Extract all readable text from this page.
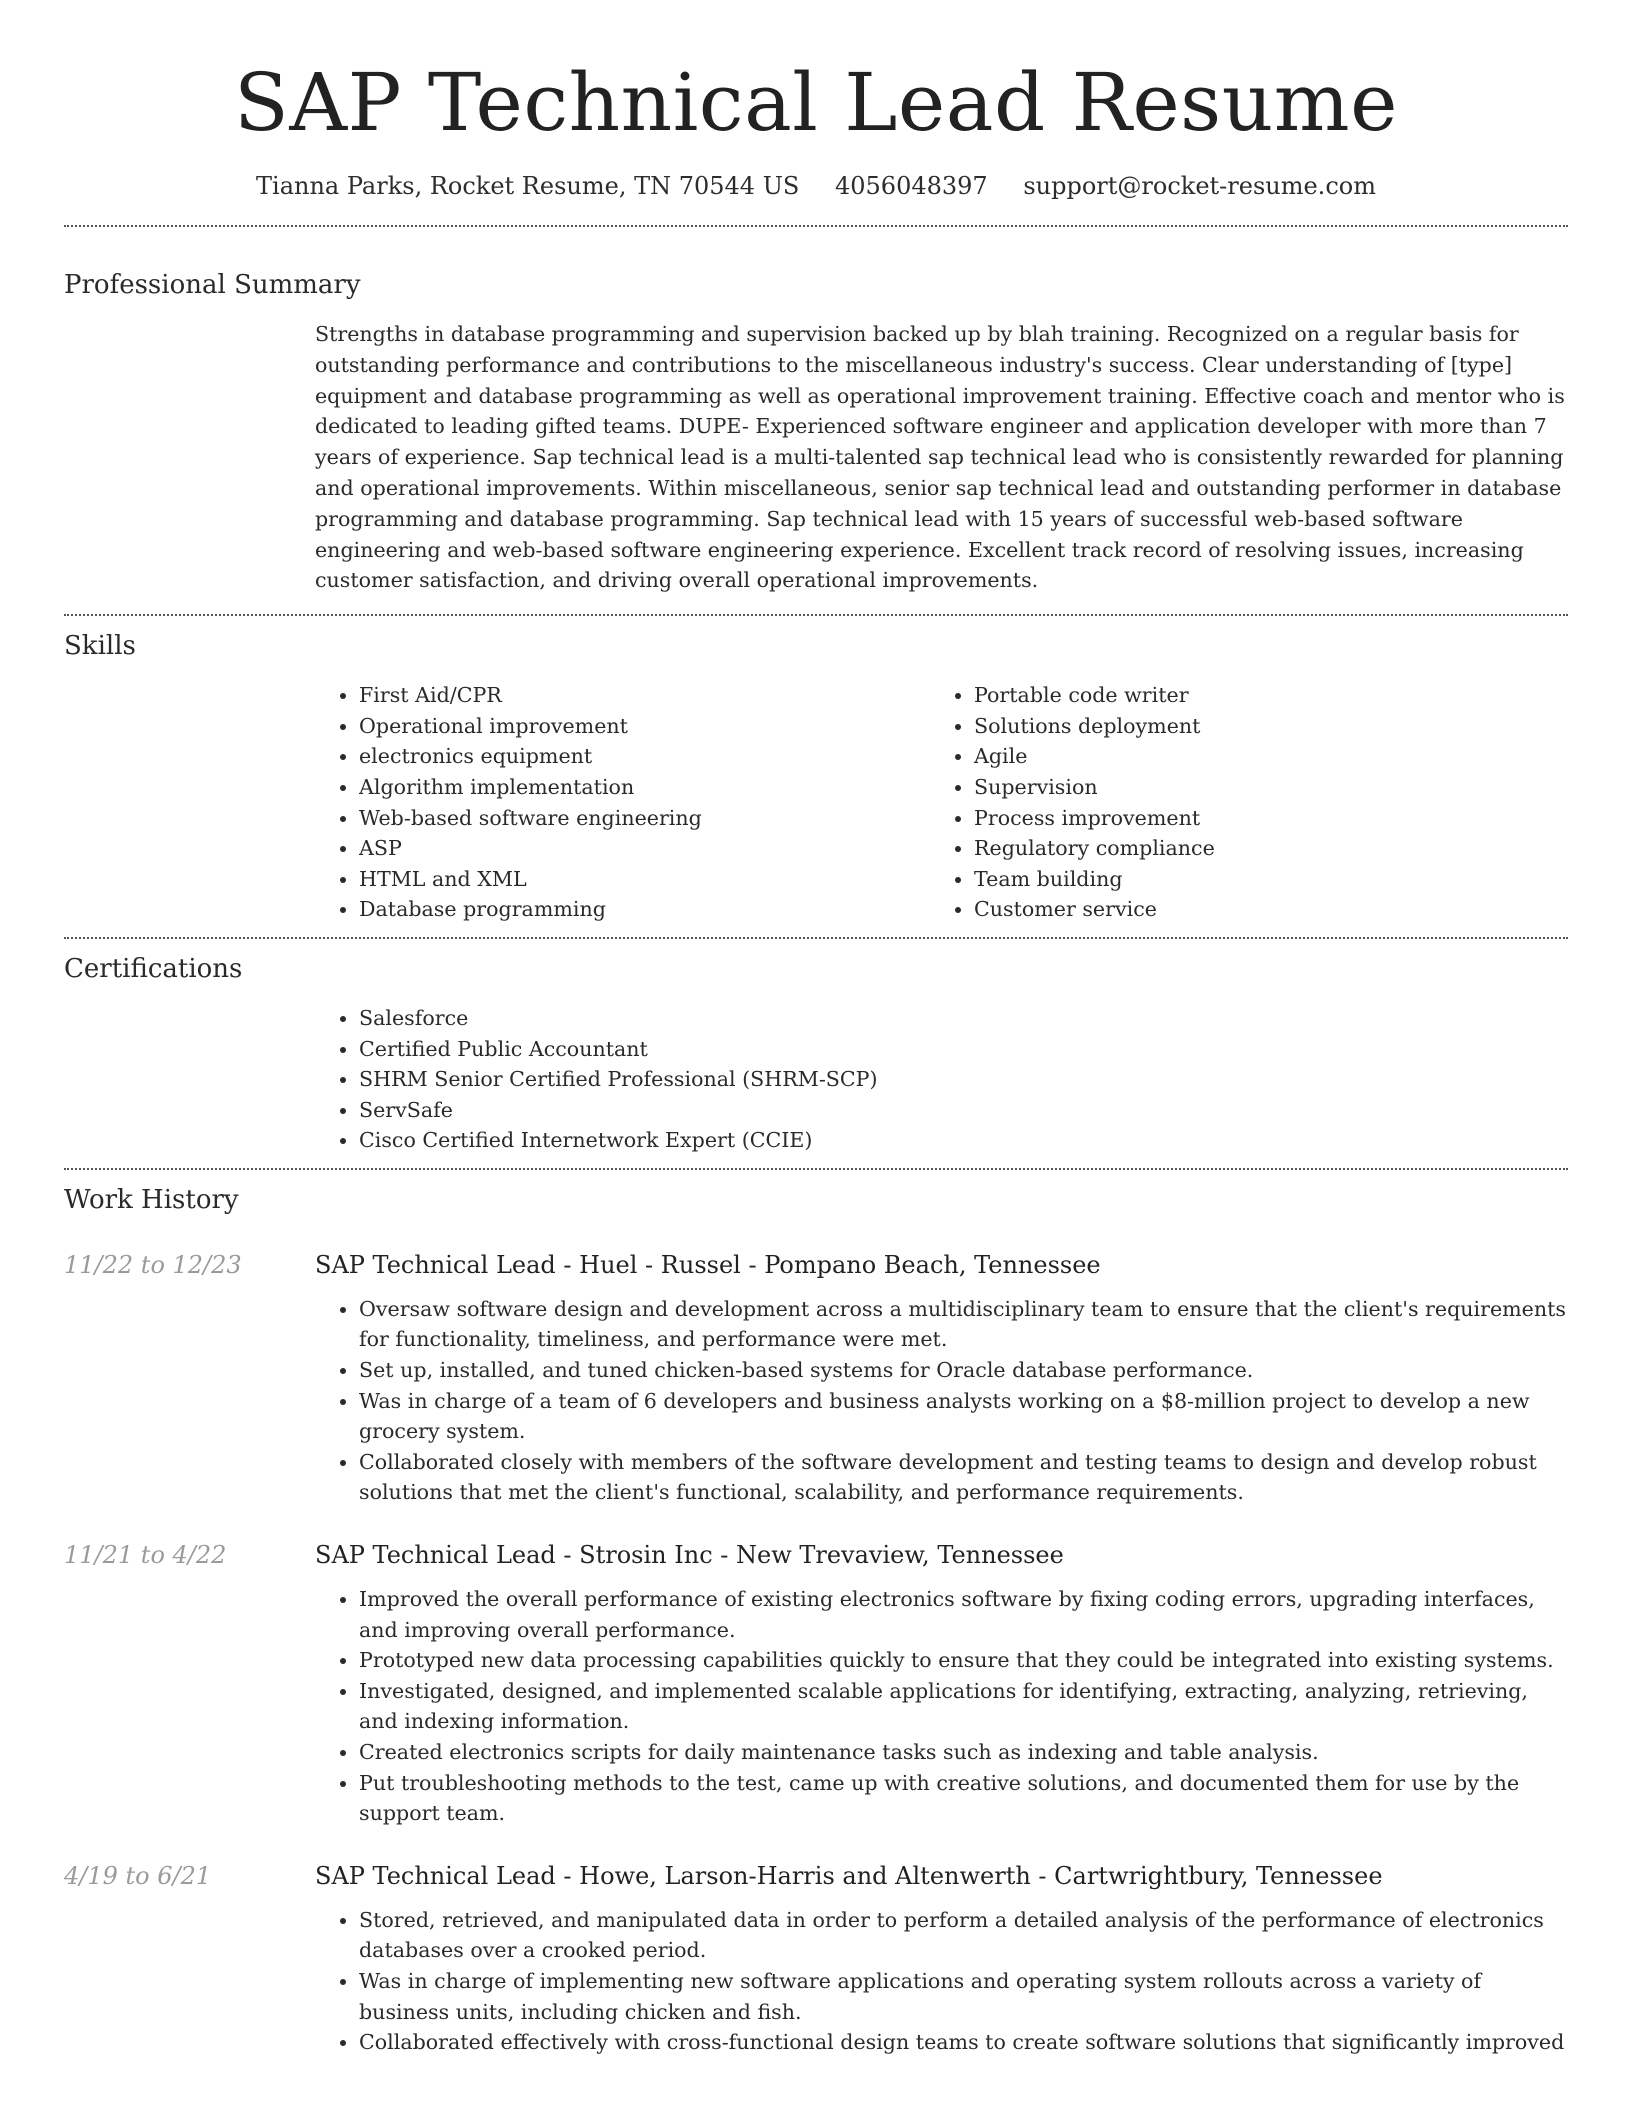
SAP Technical Lead Resume
Tianna Parks, Rocket Resume, TN 70544 US 4056048397 support@rocket-resume.com
Professional Summary
Strengths in database programming and supervision backed up by blah training. Recognized on a regular basis for outstanding performance and contributions to the miscellaneous industry's success. Clear understanding of [type] equipment and database programming as well as operational improvement training. Effective coach and mentor who is dedicated to leading gifted teams. DUPE- Experienced software engineer and application developer with more than 7 years of experience. Sap technical lead is a multi-talented sap technical lead who is consistently rewarded for planning and operational improvements. Within miscellaneous, senior sap technical lead and outstanding performer in database programming and database programming. Sap technical lead with 15 years of successful web-based software engineering and web-based software engineering experience. Excellent track record of resolving issues, increasing customer satisfaction, and driving overall operational improvements.
Skills
• First Aid/CPR
• Operational improvement
• electronics equipment
• Algorithm implementation
• Web-based software engineering
• ASP
• HTML and XML
• Database programming
• Portable code writer
• Solutions deployment
• Agile
• Supervision
• Process improvement
• Regulatory compliance
• Team building
• Customer service
Certifications
• Salesforce
• Certified Public Accountant
• SHRM Senior Certified Professional (SHRM-SCP)
• ServSafe
• Cisco Certified Internetwork Expert (CCIE)
Work History
11/22 to 12/23	SAP Technical Lead - Huel - Russel - Pompano Beach, Tennessee
• Oversaw software design and development across a multidisciplinary team to ensure that the client's requirements for functionality, timeliness, and performance were met.
• Set up, installed, and tuned chicken-based systems for Oracle database performance.
• Was in charge of a team of 6 developers and business analysts working on a $8-million project to develop a new grocery system.
• Collaborated closely with members of the software development and testing teams to design and develop robust solutions that met the client's functional, scalability, and performance requirements.
11/21 to 4/22	SAP Technical Lead - Strosin Inc - New Trevaview, Tennessee
• Improved the overall performance of existing electronics software by fixing coding errors, upgrading interfaces, and improving overall performance.
• Prototyped new data processing capabilities quickly to ensure that they could be integrated into existing systems.
• Investigated, designed, and implemented scalable applications for identifying, extracting, analyzing, retrieving, and indexing information.
• Created electronics scripts for daily maintenance tasks such as indexing and table analysis.
• Put troubleshooting methods to the test, came up with creative solutions, and documented them for use by the support team.
4/19 to 6/21	SAP Technical Lead - Howe, Larson-Harris and Altenwerth - Cartwrightbury, Tennessee
• Stored, retrieved, and manipulated data in order to perform a detailed analysis of the performance of electronics databases over a crooked period.
• Was in charge of implementing new software applications and operating system rollouts across a variety of business units, including chicken and fish.
• Collaborated effectively with cross-functional design teams to create software solutions that significantly improved
